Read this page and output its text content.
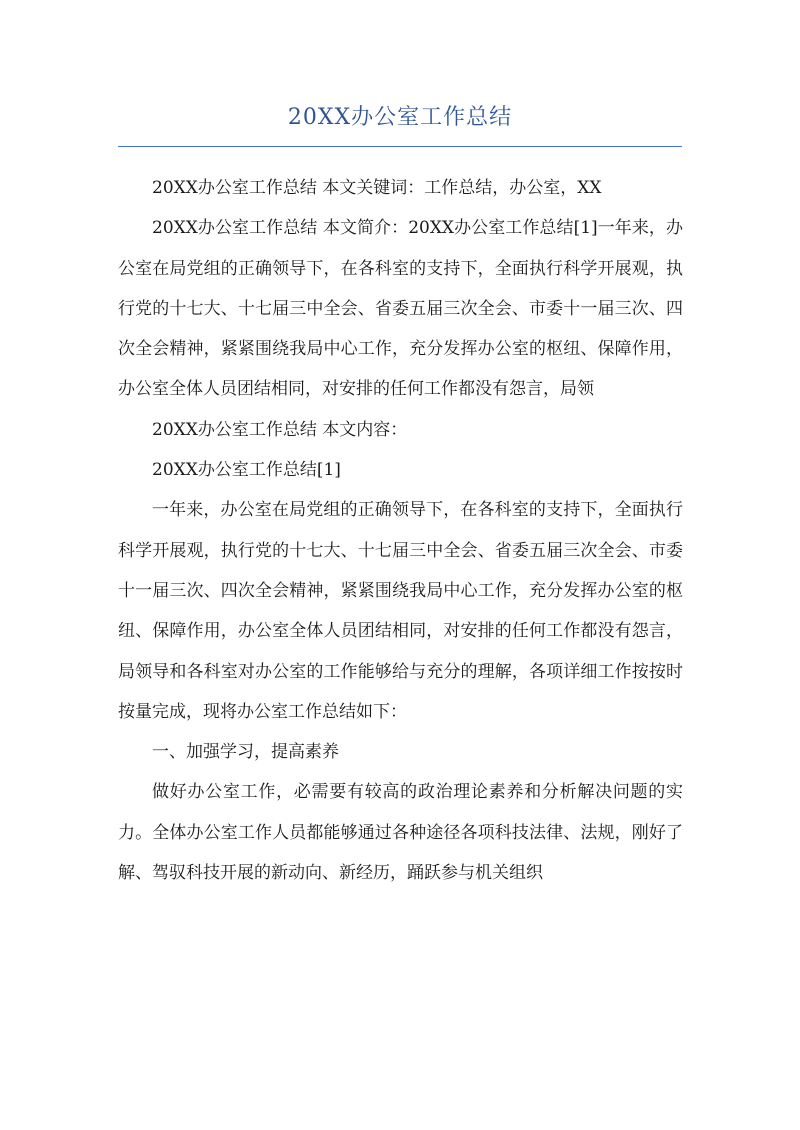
20XX办公室工作总结

20XX办公室工作总结 本文关键词：工作总结，办公室，XX

20XX办公室工作总结 本文简介：20XX办公室工作总结[1]一年来，办公室在局党组的正确领导下，在各科室的支持下，全面执行科学开展观，执行党的十七大、十七届三中全会、省委五届三次全会、市委十一届三次、四次全会精神，紧紧围绕我局中心工作，充分发挥办公室的枢纽、保障作用，办公室全体人员团结相同，对安排的任何工作都没有怨言，局领

20XX办公室工作总结 本文内容：

20XX办公室工作总结[1]

一年来，办公室在局党组的正确领导下，在各科室的支持下，全面执行科学开展观，执行党的十七大、十七届三中全会、省委五届三次全会、市委十一届三次、四次全会精神，紧紧围绕我局中心工作，充分发挥办公室的枢纽、保障作用，办公室全体人员团结相同，对安排的任何工作都没有怨言，局领导和各科室对办公室的工作能够给与充分的理解，各项详细工作按按时按量完成，现将办公室工作总结如下：

一、加强学习，提高素养

做好办公室工作，必需要有较高的政治理论素养和分析解决问题的实力。全体办公室工作人员都能够通过各种途径各项科技法律、法规，刚好了解、驾驭科技开展的新动向、新经历，踊跃参与机关组织
